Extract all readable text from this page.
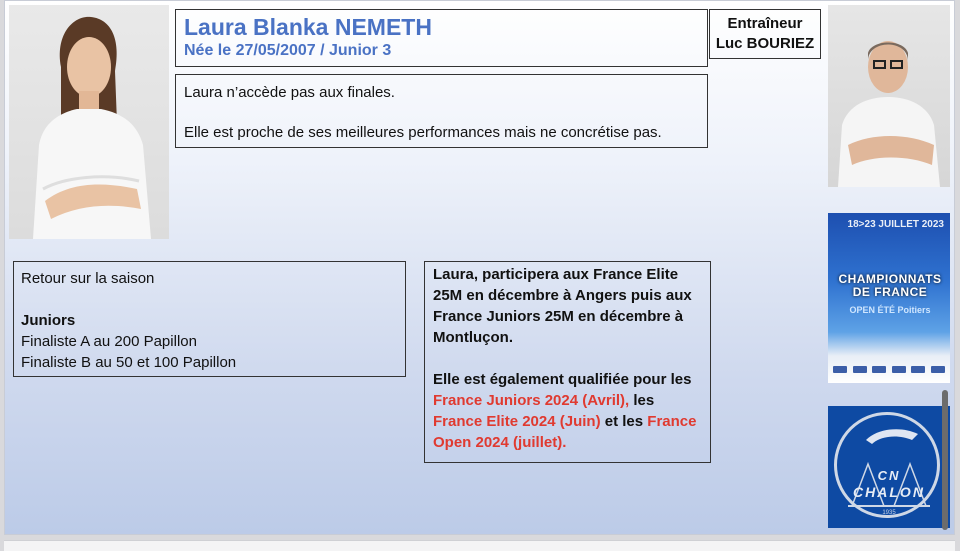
Laura Blanka NEMETH
Née le 27/05/2007 / Junior 3
Entraîneur
Luc BOURIEZ

Laura n’accède pas aux finales.

Elle est proche de ses meilleures performances mais ne concrétise pas.

Retour sur la saison
Juniors
Finaliste A au 200 Papillon
Finaliste B au 50 et 100 Papillon
Laura, participera aux France Elite 25M en décembre à Angers puis aux France Juniors 25M en décembre à Montluçon.
Elle est également qualifiée pour les France Juniors 2024 (Avril), les France Elite 2024 (Juin) et les France Open 2024 (juillet).
18>23 JUILLET 2023
CHAMPIONNATS DE FRANCE
OPEN ÉTÉ Poitiers
CN
CHALON
1935
